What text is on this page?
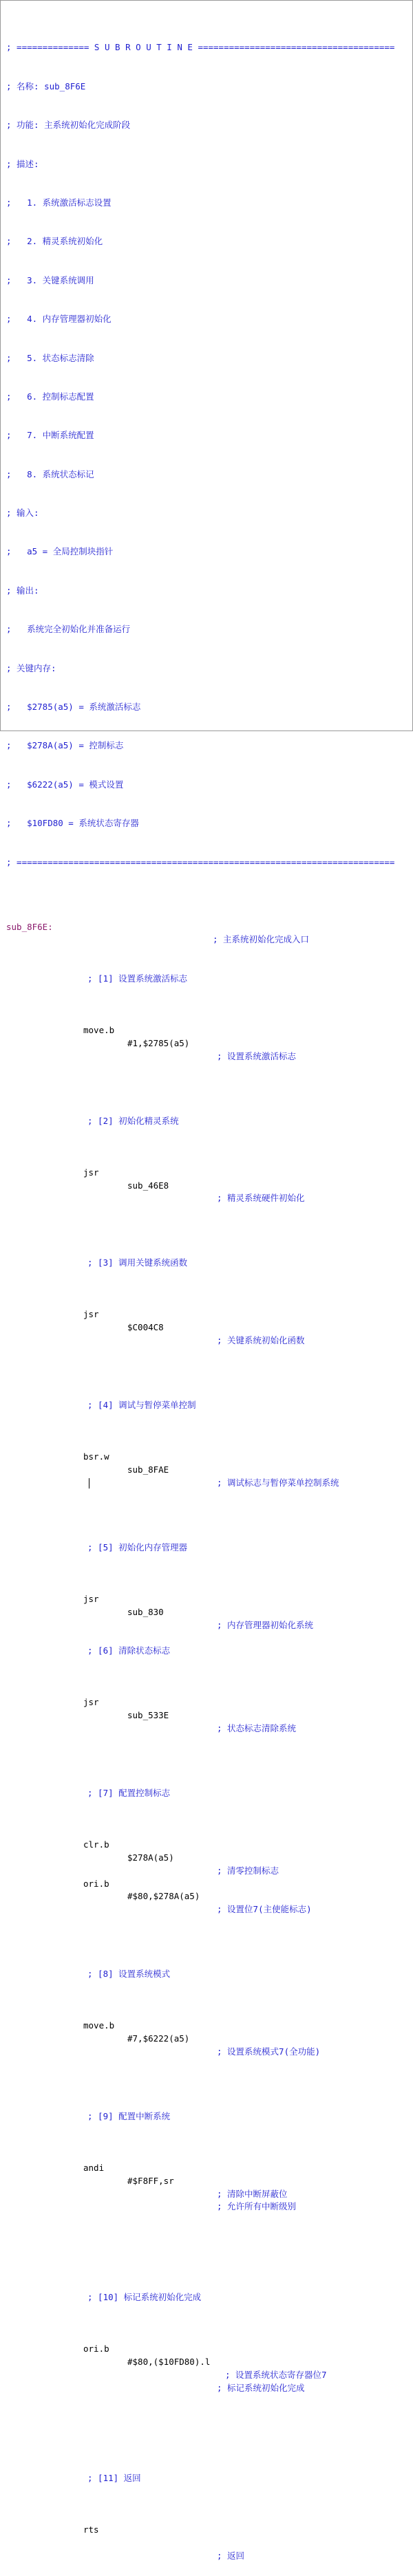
; ============== S U B R O U T I N E ======================================

; 名称: sub_8F6E

; 功能: 主系统初始化完成阶段

; 描述:

;   1. 系统激活标志设置

;   2. 精灵系统初始化

;   3. 关键系统调用

;   4. 内存管理器初始化

;   5. 状态标志清除

;   6. 控制标志配置

;   7. 中断系统配置

;   8. 系统状态标记

; 输入:

;   a5 = 全局控制块指针

; 输出:

;   系统完全初始化并准备运行

; 关键内存:

;   $2785(a5) = 系统激活标志

;   $278A(a5) = 控制标志

;   $6222(a5) = 模式设置

;   $10FD80 = 系统状态寄存器

; =========================================================================

sub_8F6E:

; 主系统初始化完成入口

; [1] 设置系统激活标志

move.b

#1,$2785(a5)

; 设置系统激活标志

; [2] 初始化精灵系统

jsr

sub_46E8

; 精灵系统硬件初始化

; [3] 调用关键系统函数

jsr

$C004C8

; 关键系统初始化函数

; [4] 调试与暂停菜单控制

bsr.w

sub_8FAE

; 调试标志与暂停菜单控制系统

; [5] 初始化内存管理器

jsr

sub_830

; 内存管理器初始化系统

; [6] 清除状态标志

jsr

sub_533E

; 状态标志清除系统

; [7] 配置控制标志

clr.b

$278A(a5)

; 清零控制标志

ori.b

#$80,$278A(a5)

; 设置位7(主使能标志)

; [8] 设置系统模式

move.b

#7,$6222(a5)

; 设置系统模式7(全功能)

; [9] 配置中断系统

andi

#$F8FF,sr

; 清除中断屏蔽位

; 允许所有中断级别

; [10] 标记系统初始化完成

ori.b

#$80,($10FD80).l

; 设置系统状态寄存器位7

; 标记系统初始化完成

; [11] 返回

rts

; 返回
